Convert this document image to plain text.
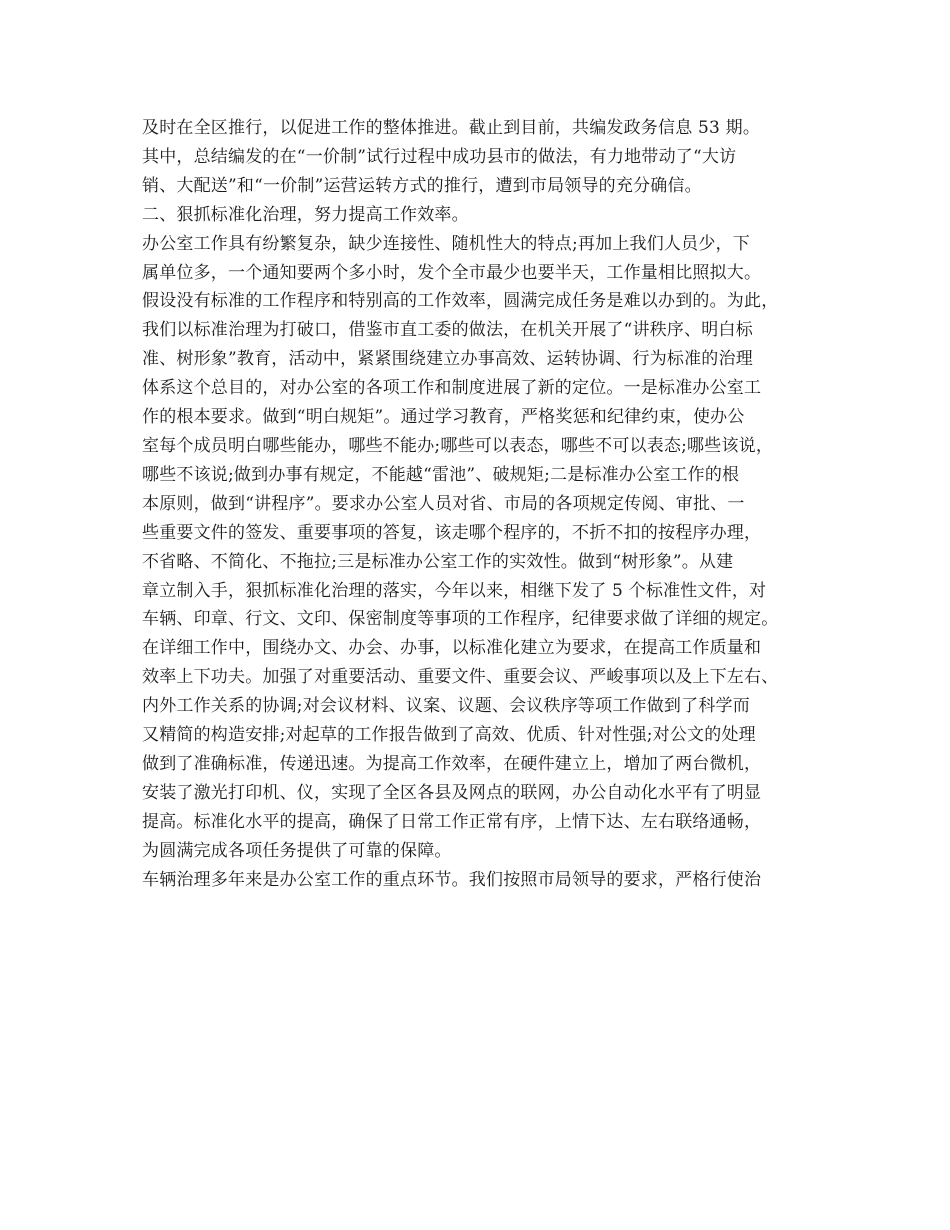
及时在全区推行，以促进工作的整体推进。截止到目前，共编发政务信息 53 期。
其中，总结编发的在“一价制”试行过程中成功县市的做法，有力地带动了“大访
销、大配送”和“一价制”运营运转方式的推行，遭到市局领导的充分确信。
二、狠抓标准化治理，努力提高工作效率。
办公室工作具有纷繁复杂，缺少连接性、随机性大的特点;再加上我们人员少，下
属单位多，一个通知要两个多小时，发个全市最少也要半天，工作量相比照拟大。
假设没有标准的工作程序和特别高的工作效率，圆满完成任务是难以办到的。为此，
我们以标准治理为打破口，借鉴市直工委的做法，在机关开展了“讲秩序、明白标
准、树形象”教育，活动中，紧紧围绕建立办事高效、运转协调、行为标准的治理
体系这个总目的，对办公室的各项工作和制度进展了新的定位。一是标准办公室工
作的根本要求。做到“明白规矩”。通过学习教育，严格奖惩和纪律约束，使办公
室每个成员明白哪些能办，哪些不能办;哪些可以表态，哪些不可以表态;哪些该说，
哪些不该说;做到办事有规定，不能越“雷池”、破规矩;二是标准办公室工作的根
本原则，做到“讲程序”。要求办公室人员对省、市局的各项规定传阅、审批、一
些重要文件的签发、重要事项的答复，该走哪个程序的，不折不扣的按程序办理，
不省略、不简化、不拖拉;三是标准办公室工作的实效性。做到“树形象”。从建
章立制入手，狠抓标准化治理的落实，今年以来，相继下发了 5 个标准性文件，对
车辆、印章、行文、文印、保密制度等事项的工作程序，纪律要求做了详细的规定。
在详细工作中，围绕办文、办会、办事，以标准化建立为要求，在提高工作质量和
效率上下功夫。加强了对重要活动、重要文件、重要会议、严峻事项以及上下左右、
内外工作关系的协调;对会议材料、议案、议题、会议秩序等项工作做到了科学而
又精简的构造安排;对起草的工作报告做到了高效、优质、针对性强;对公文的处理
做到了准确标准，传递迅速。为提高工作效率，在硬件建立上，增加了两台微机，
安装了激光打印机、仪，实现了全区各县及网点的联网，办公自动化水平有了明显
提高。标准化水平的提高，确保了日常工作正常有序，上情下达、左右联络通畅，
为圆满完成各项任务提供了可靠的保障。
车辆治理多年来是办公室工作的重点环节。我们按照市局领导的要求，严格行使治
